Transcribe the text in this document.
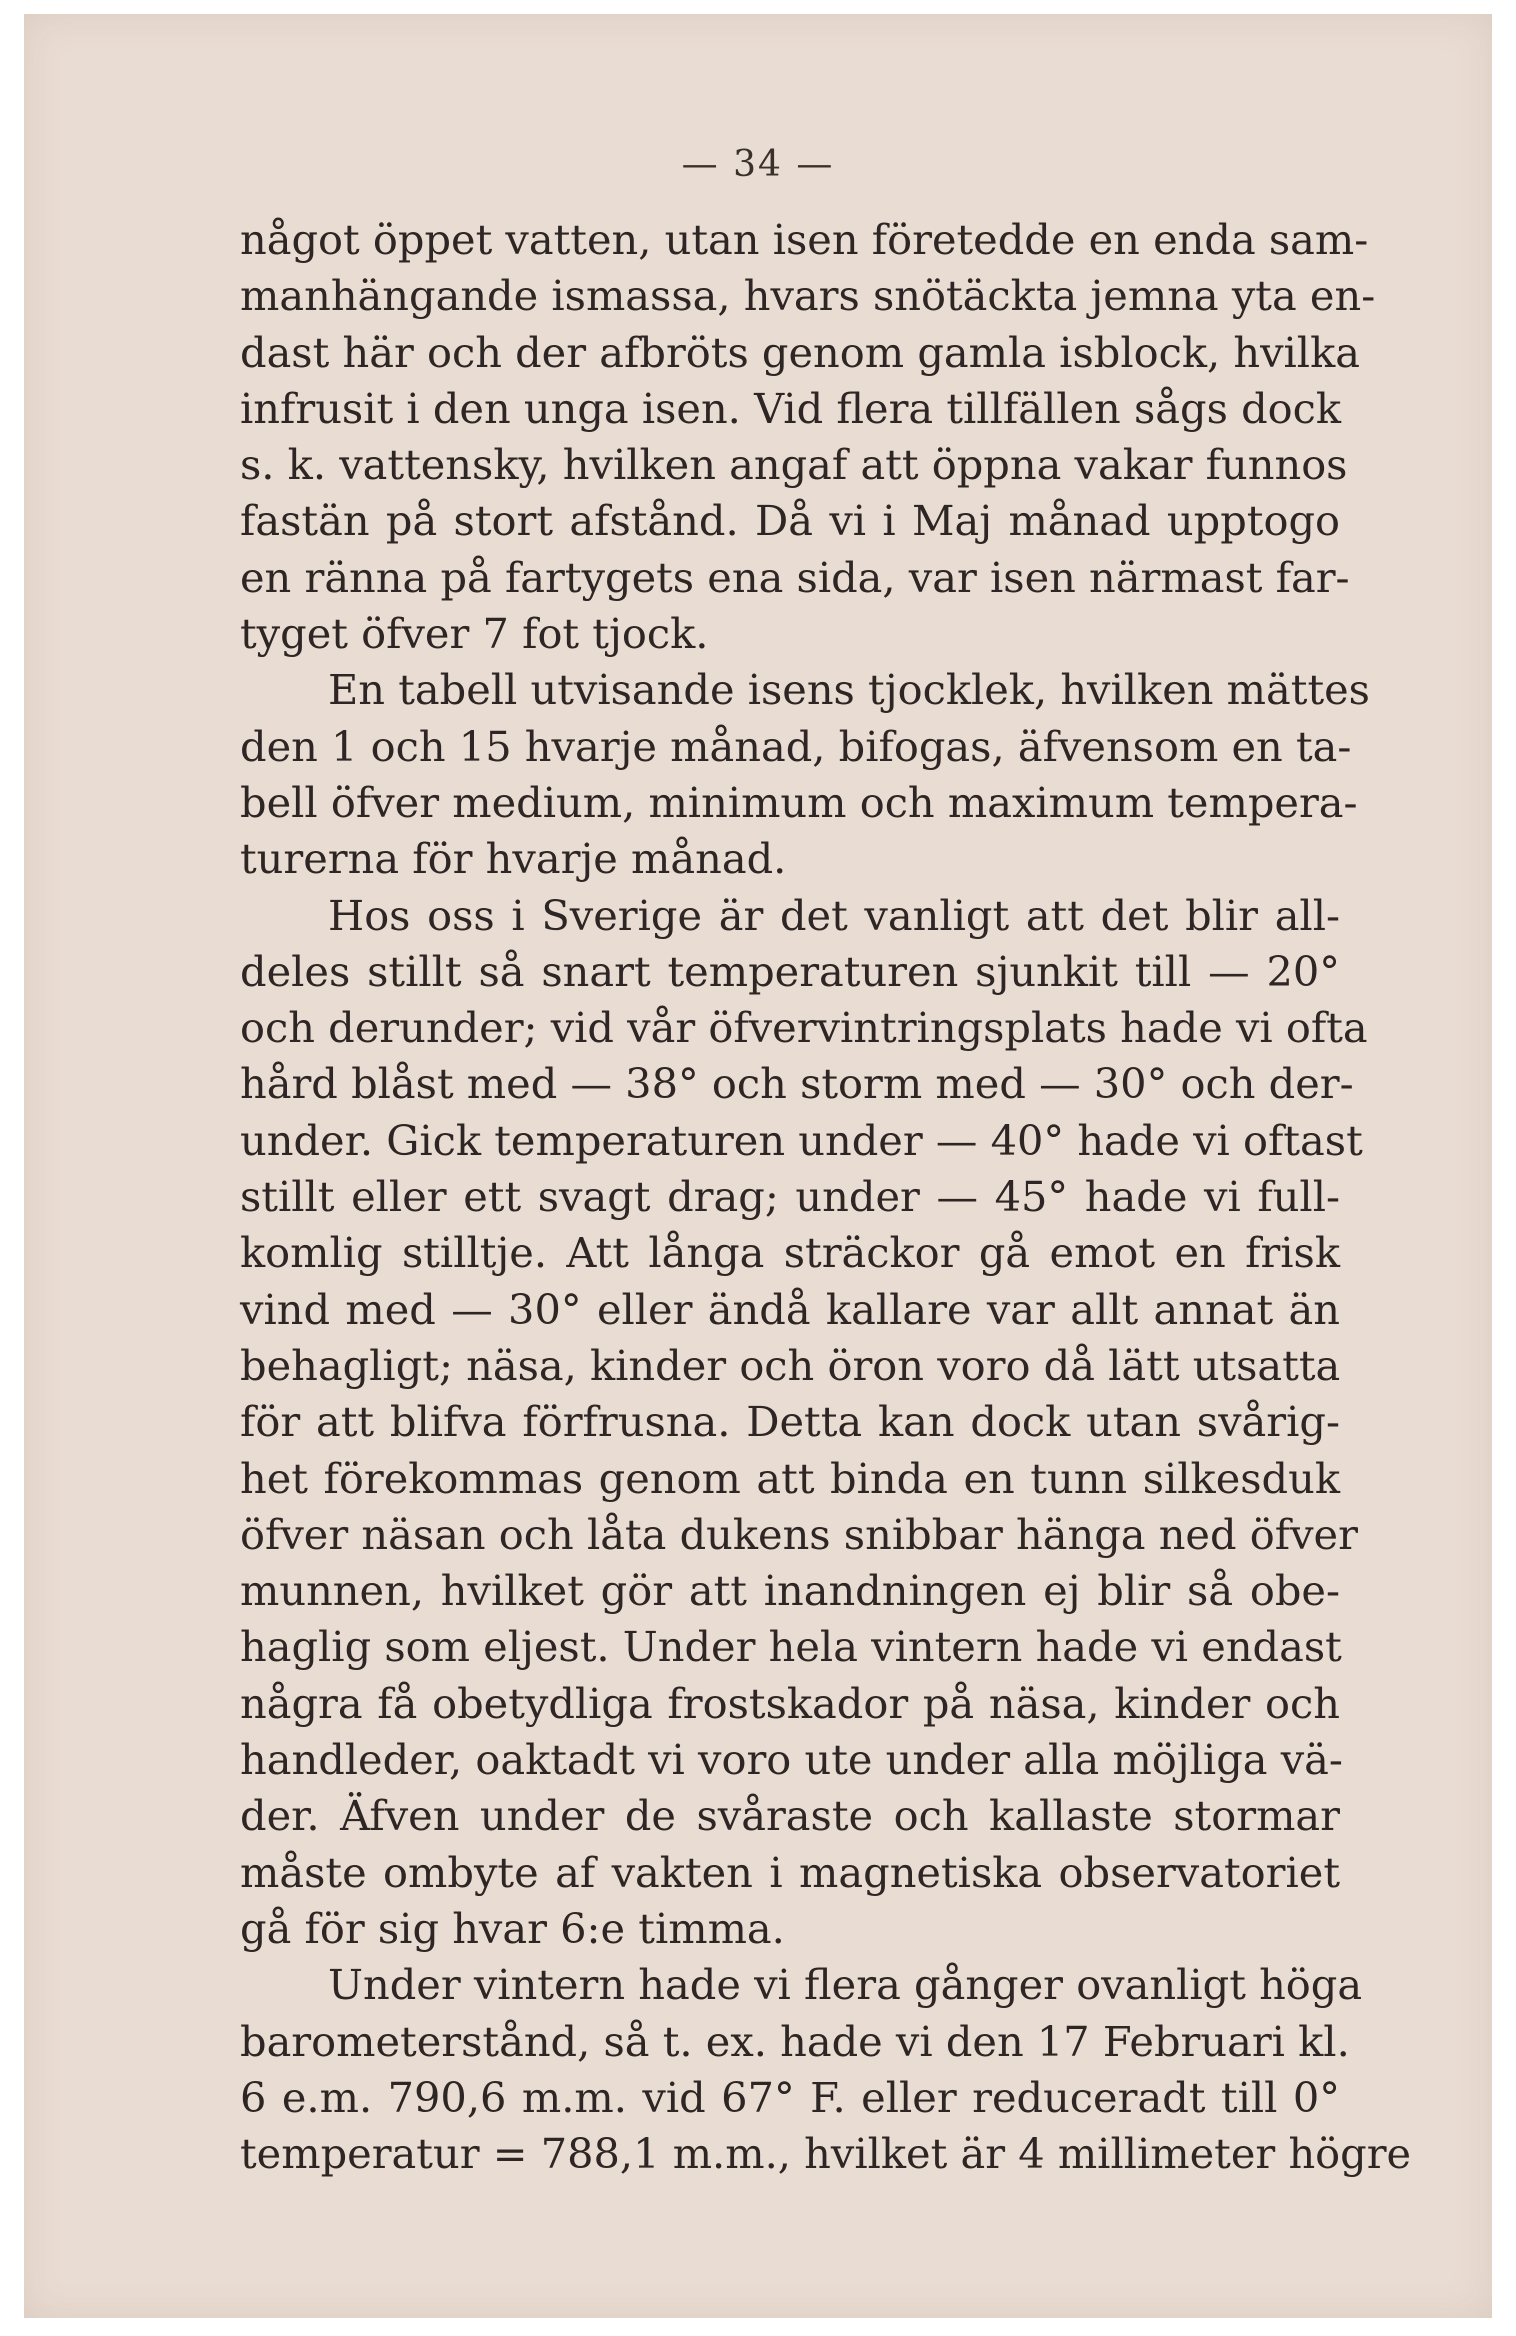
— 34 —
något öppet vatten, utan isen företedde en enda sam-
manhängande ismassa, hvars snötäckta jemna yta en-
dast här och der afbröts genom gamla isblock, hvilka
infrusit i den unga isen. Vid flera tillfällen sågs dock
s. k. vattensky, hvilken angaf att öppna vakar funnos
fastän på stort afstånd. Då vi i Maj månad upptogo
en ränna på fartygets ena sida, var isen närmast far-
tyget öfver 7 fot tjock.
En tabell utvisande isens tjocklek, hvilken mättes
den 1 och 15 hvarje månad, bifogas, äfvensom en ta-
bell öfver medium, minimum och maximum tempera-
turerna för hvarje månad.
Hos oss i Sverige är det vanligt att det blir all-
deles stillt så snart temperaturen sjunkit till — 20°
och derunder; vid vår öfvervintringsplats hade vi ofta
hård blåst med — 38° och storm med — 30° och der-
under. Gick temperaturen under — 40° hade vi oftast
stillt eller ett svagt drag; under — 45° hade vi full-
komlig stilltje. Att långa sträckor gå emot en frisk
vind med — 30° eller ändå kallare var allt annat än
behagligt; näsa, kinder och öron voro då lätt utsatta
för att blifva förfrusna. Detta kan dock utan svårig-
het förekommas genom att binda en tunn silkesduk
öfver näsan och låta dukens snibbar hänga ned öfver
munnen, hvilket gör att inandningen ej blir så obe-
haglig som eljest. Under hela vintern hade vi endast
några få obetydliga frostskador på näsa, kinder och
handleder, oaktadt vi voro ute under alla möjliga vä-
der. Äfven under de svåraste och kallaste stormar
måste ombyte af vakten i magnetiska observatoriet
gå för sig hvar 6:e timma.
Under vintern hade vi flera gånger ovanligt höga
barometerstånd, så t. ex. hade vi den 17 Februari kl.
6 e.m. 790,6 m.m. vid 67° F. eller reduceradt till 0°
temperatur = 788,1 m.m., hvilket är 4 millimeter högre
